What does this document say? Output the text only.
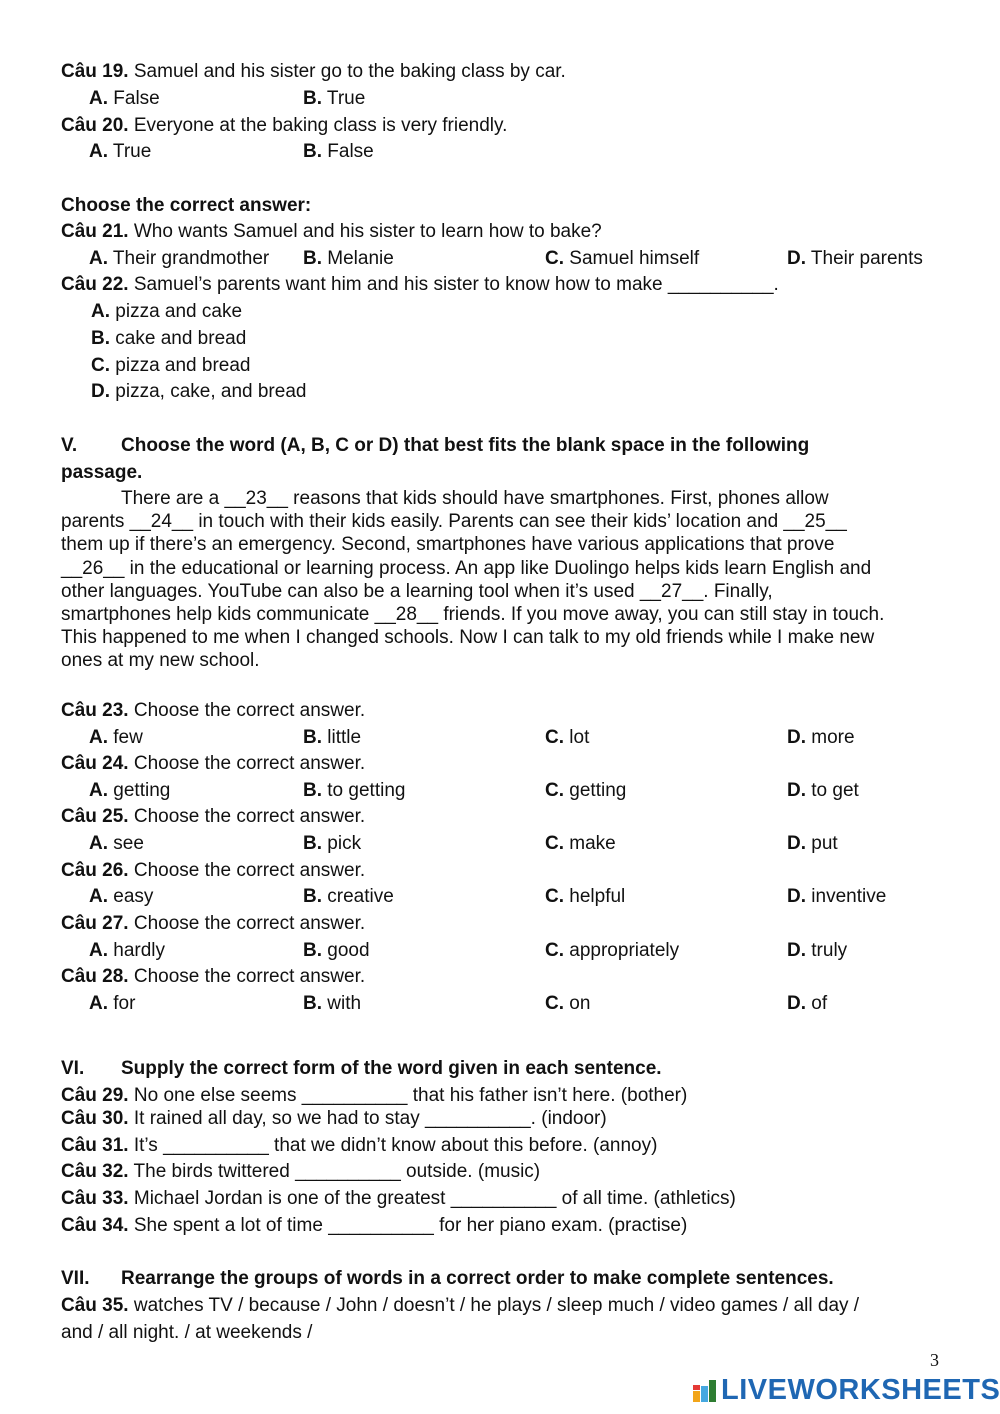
Câu 19. Samuel and his sister go to the baking class by car.
A. False	B. True
Câu 20. Everyone at the baking class is very friendly.
A. True	B. False
Choose the correct answer:
Câu 21. Who wants Samuel and his sister to learn how to bake?
A. Their grandmother B. Melanie	C. Samuel himself	D. Their parents
Câu 22. Samuel’s parents want him and his sister to know how to make __________.
A. pizza and cake
B. cake and bread
C. pizza and bread
D. pizza, cake, and bread
V. Choose the word (A, B, C or D) that best fits the blank space in the following
passage.
There are a __23__ reasons that kids should have smartphones. First, phones allow
parents __24__ in touch with their kids easily. Parents can see their kids’ location and __25__
them up if there’s an emergency. Second, smartphones have various applications that prove
__26__ in the educational or learning process. An app like Duolingo helps kids learn English and
other languages. YouTube can also be a learning tool when it’s used __27__. Finally,
smartphones help kids communicate __28__ friends. If you move away, you can still stay in touch.
This happened to me when I changed schools. Now I can talk to my old friends while I make new
ones at my new school.
Câu 23. Choose the correct answer.
A. few	B. little	C. lot	D. more
Câu 24. Choose the correct answer.
A. getting	B. to getting	C. getting	D. to get
Câu 25. Choose the correct answer.
A. see	B. pick	C. make	D. put
Câu 26. Choose the correct answer.
A. easy	B. creative	C. helpful	D. inventive
Câu 27. Choose the correct answer.
A. hardly	B. good	C. appropriately	D. truly
Câu 28. Choose the correct answer.
A. for	B. with	C. on	D. of
VI. Supply the correct form of the word given in each sentence.
Câu 29. No one else seems __________ that his father isn’t here. (bother)
Câu 30. It rained all day, so we had to stay __________. (indoor)
Câu 31. It’s __________ that we didn’t know about this before. (annoy)
Câu 32. The birds twittered __________ outside. (music)
Câu 33. Michael Jordan is one of the greatest __________ of all time. (athletics)
Câu 34. She spent a lot of time __________ for her piano exam. (practise)
VII. Rearrange the groups of words in a correct order to make complete sentences.
Câu 35. watches TV / because / John / doesn’t / he plays / sleep much / video games / all day /
and / all night. / at weekends /
3
LIVEWORKSHEETS
